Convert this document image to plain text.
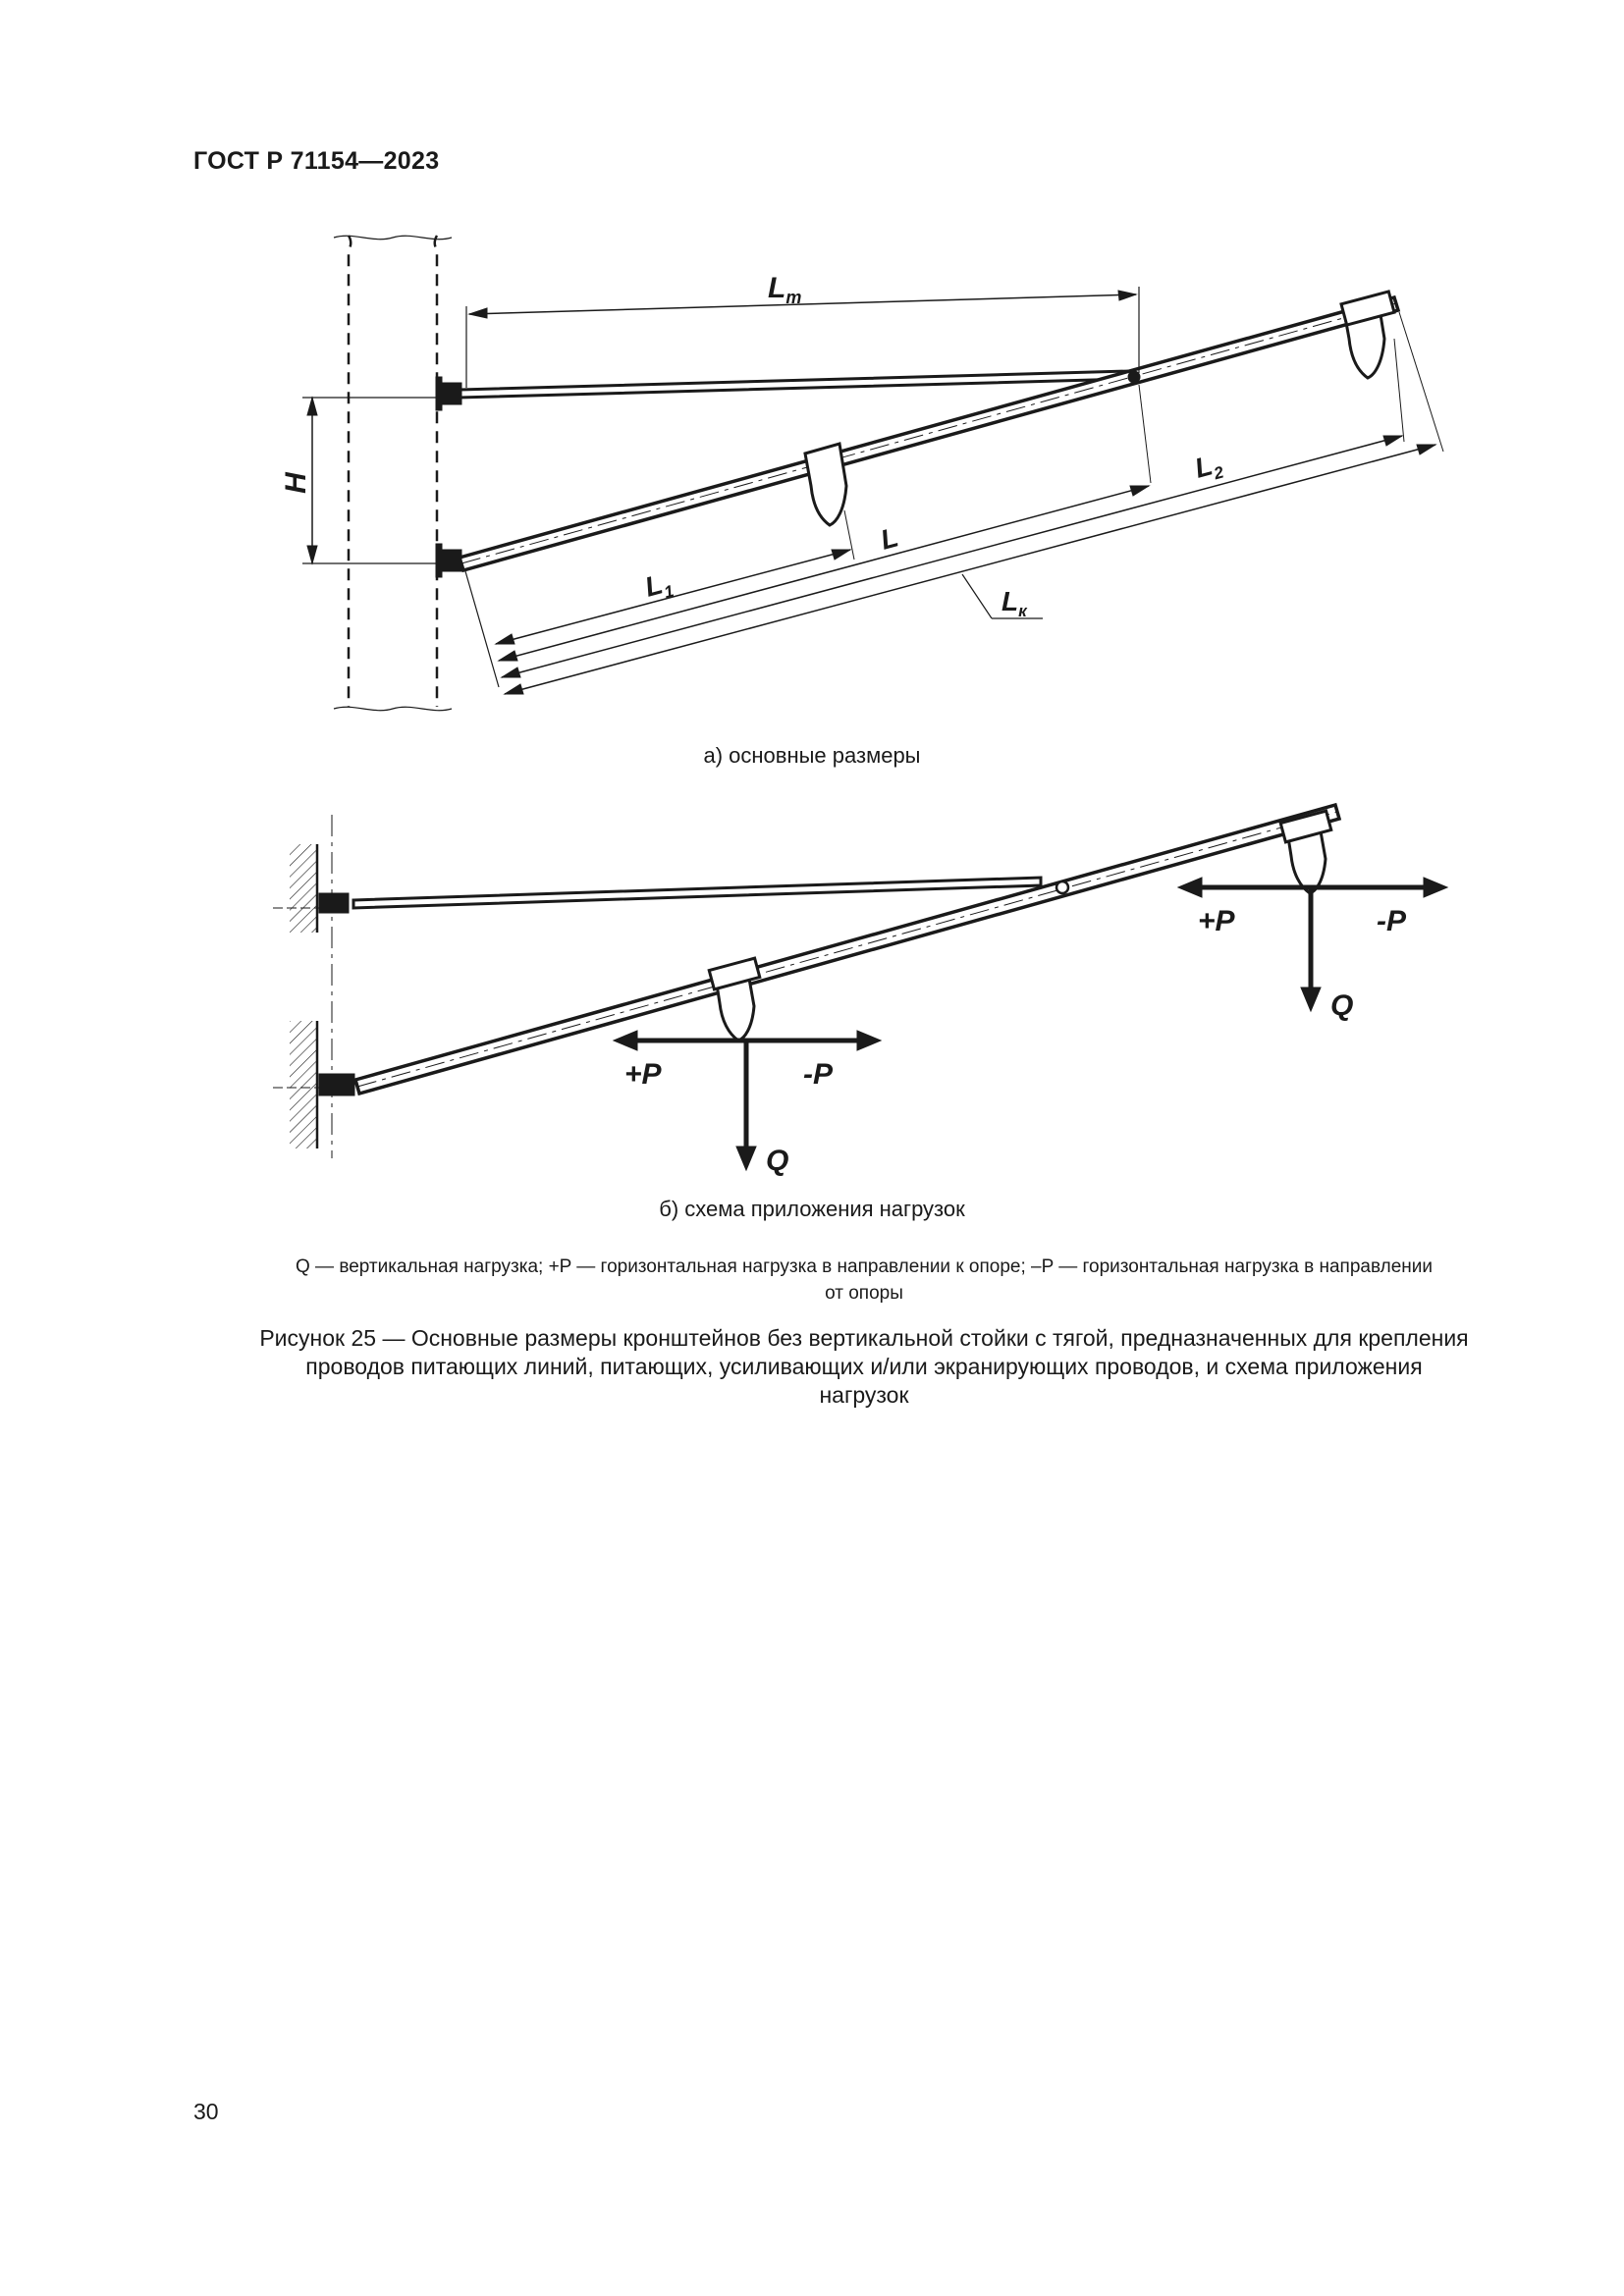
ГОСТ Р 71154—2023
$L_т$
H
$L_1$
L
$L_2$
$L_к$
а) основные размеры
+P	-P
Q
+P	-P
Q
б) схема приложения нагрузок
Q — вертикальная нагрузка; +P — горизонтальная нагрузка в направлении к опоре; –P — горизонтальная нагрузка в направлении
от опоры
Рисунок 25 — Основные размеры кронштейнов без вертикальной стойки с тягой, предназначенных для крепления
проводов питающих линий, питающих, усиливающих и/или экранирующих проводов, и схема приложения
нагрузок
30
